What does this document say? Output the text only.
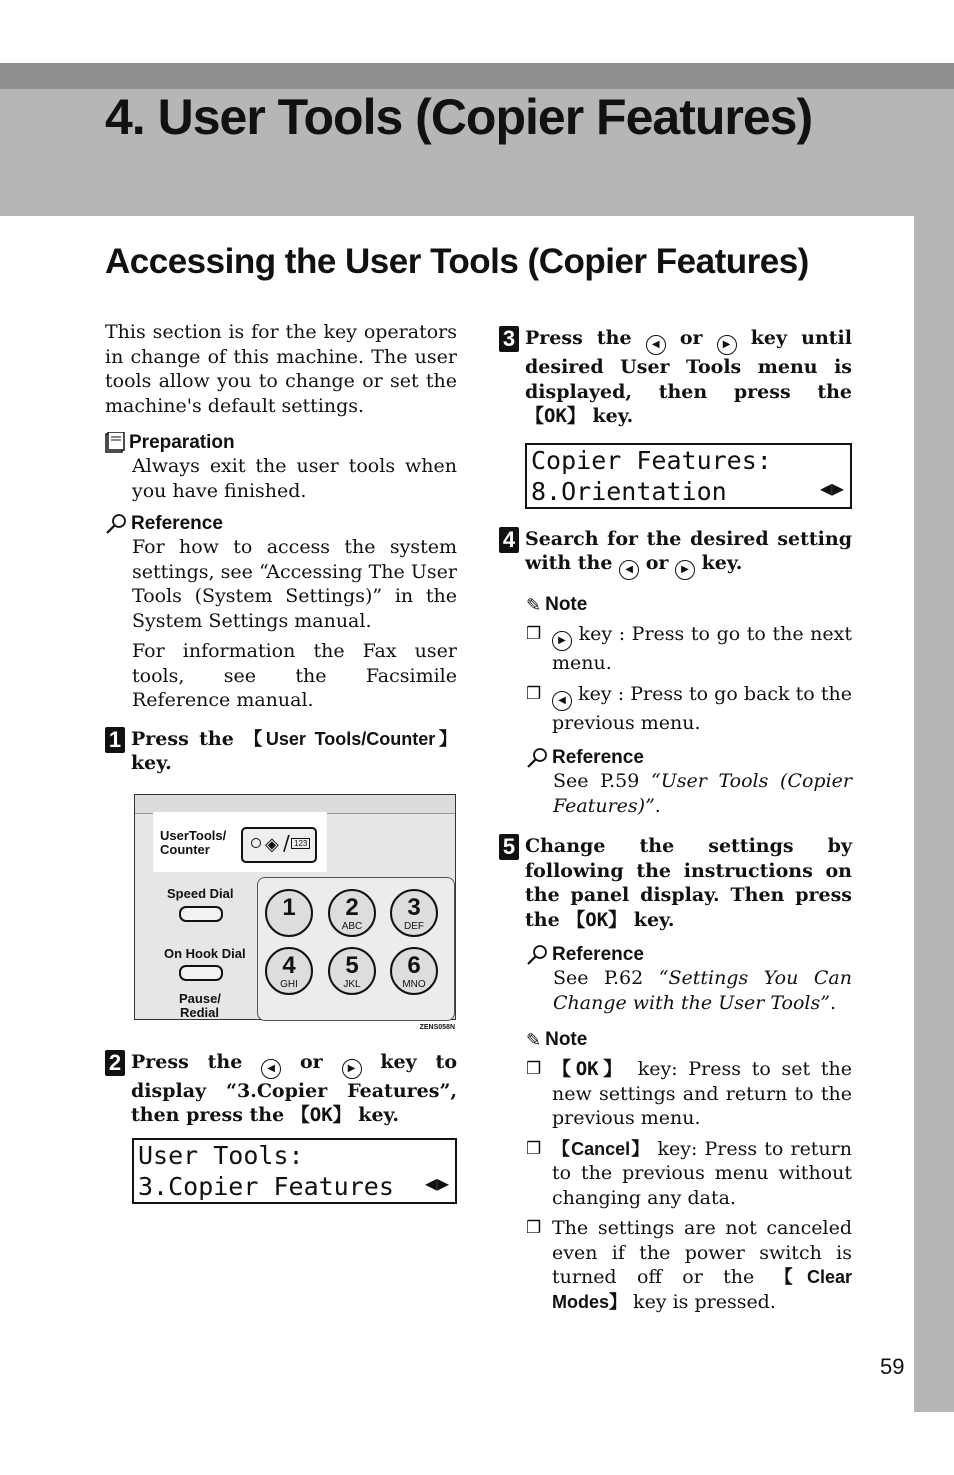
4. User Tools (Copier Features)
Accessing the User Tools (Copier Features)

This section is for the key operators in change of this machine. The user tools allow you to change or set the machine's default settings.

Preparation

Always exit the user tools when you have finished.

Reference

For how to access the system settings, see “Accessing The User Tools (System Settings)” in the System Settings manual.

For information the Fax user tools, see the Facsimile Reference manual.

1 Press the 【User Tools/Counter】 key.
UserTools/
Counter	◈ / 123
Speed Dial
On Hook Dial
Pause/
Redial
1	2
ABC
3
DEF
4
GHI
5
JKL
6
MNO
ZENS058N
2 Press the ◀ or ▶ key to display “3.Copier Features”, then press the 【OK】 key.
User Tools:
3.Copier Features	◀▶
3 Press the ◀ or ▶ key until desired User Tools menu is displayed, then press the 【OK】 key.
Copier Features:
8.Orientation	◀▶
4 Search for the desired setting with the ◀ or ▶ key.
✎ Note
❒	▶ key : Press to go to the next menu.
❒	◀ key : Press to go back to the previous menu.
Reference

See P.59 “User Tools (Copier Features)”.

5 Change the settings by following the instructions on the panel display. Then press the 【OK】 key.
Reference

See P.62 “Settings You Can Change with the User Tools”.

✎ Note
❒ 【OK】 key: Press to set the new settings and return to the previous menu.
❒ 【Cancel】 key: Press to return to the previous menu without changing any data.
❒ The settings are not canceled even if the power switch is turned off or the 【Clear Modes】 key is pressed.
59
